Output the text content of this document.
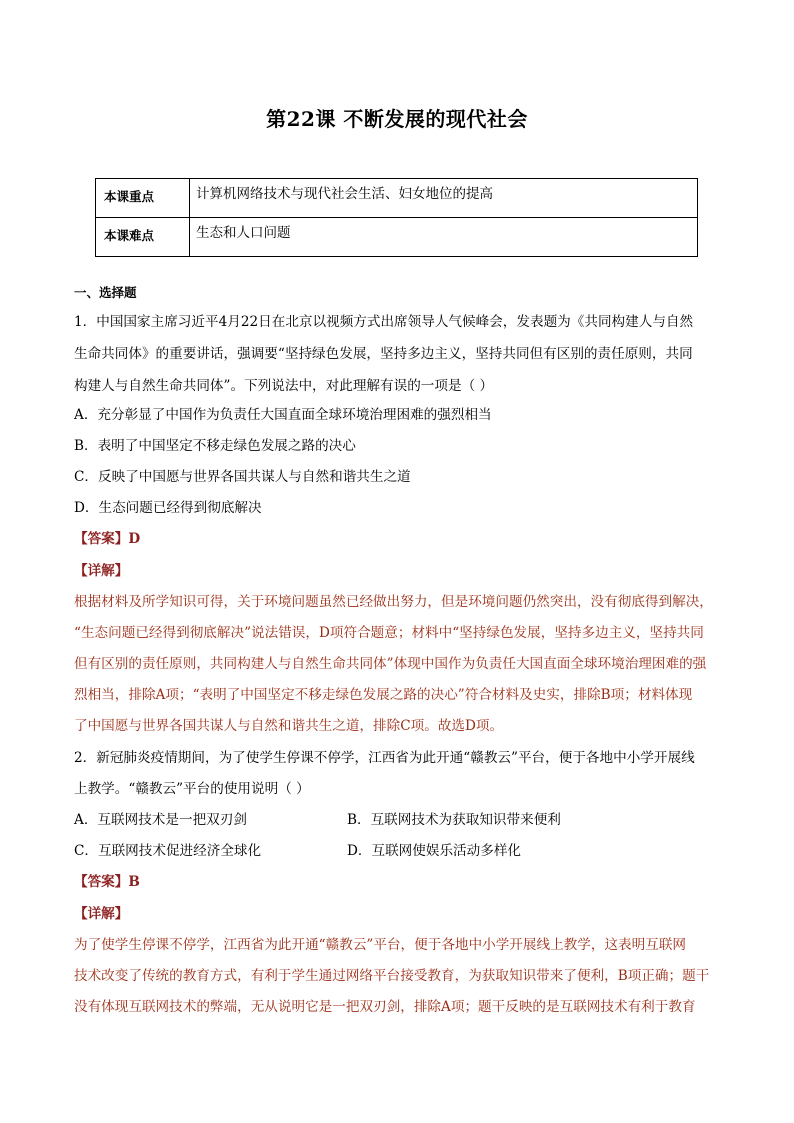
第22课 不断发展的现代社会
本课重点	计算机网络技术与现代社会生活、妇女地位的提高
本课难点	生态和人口问题
一、选择题
1．中国国家主席习近平4月22日在北京以视频方式出席领导人气候峰会，发表题为《共同构建人与自然
生命共同体》的重要讲话，强调要“坚持绿色发展，坚持多边主义，坚持共同但有区别的责任原则，共同
构建人与自然生命共同体”。下列说法中，对此理解有误的一项是（ ）
A．充分彰显了中国作为负责任大国直面全球环境治理困难的强烈相当
B．表明了中国坚定不移走绿色发展之路的决心
C．反映了中国愿与世界各国共谋人与自然和谐共生之道
D．生态问题已经得到彻底解决
【答案】D
【详解】
根据材料及所学知识可得，关于环境问题虽然已经做出努力，但是环境问题仍然突出，没有彻底得到解决，
“生态问题已经得到彻底解决”说法错误，D项符合题意；材料中“坚持绿色发展，坚持多边主义，坚持共同
但有区别的责任原则，共同构建人与自然生命共同体”体现中国作为负责任大国直面全球环境治理困难的强
烈相当，排除A项；“表明了中国坚定不移走绿色发展之路的决心”符合材料及史实，排除B项；材料体现
了中国愿与世界各国共谋人与自然和谐共生之道，排除C项。故选D项。
2．新冠肺炎疫情期间，为了使学生停课不停学，江西省为此开通“赣教云”平台，便于各地中小学开展线
上教学。“赣教云”平台的使用说明（ ）
A．互联网技术是一把双刃剑	B．互联网技术为获取知识带来便利
C．互联网技术促进经济全球化	D．互联网使娱乐活动多样化
【答案】B
【详解】
为了使学生停课不停学，江西省为此开通“赣教云”平台，便于各地中小学开展线上教学，这表明互联网
技术改变了传统的教育方式，有利于学生通过网络平台接受教育，为获取知识带来了便利，B项正确；题干
没有体现互联网技术的弊端，无从说明它是一把双刃剑，排除A项；题干反映的是互联网技术有利于教育
